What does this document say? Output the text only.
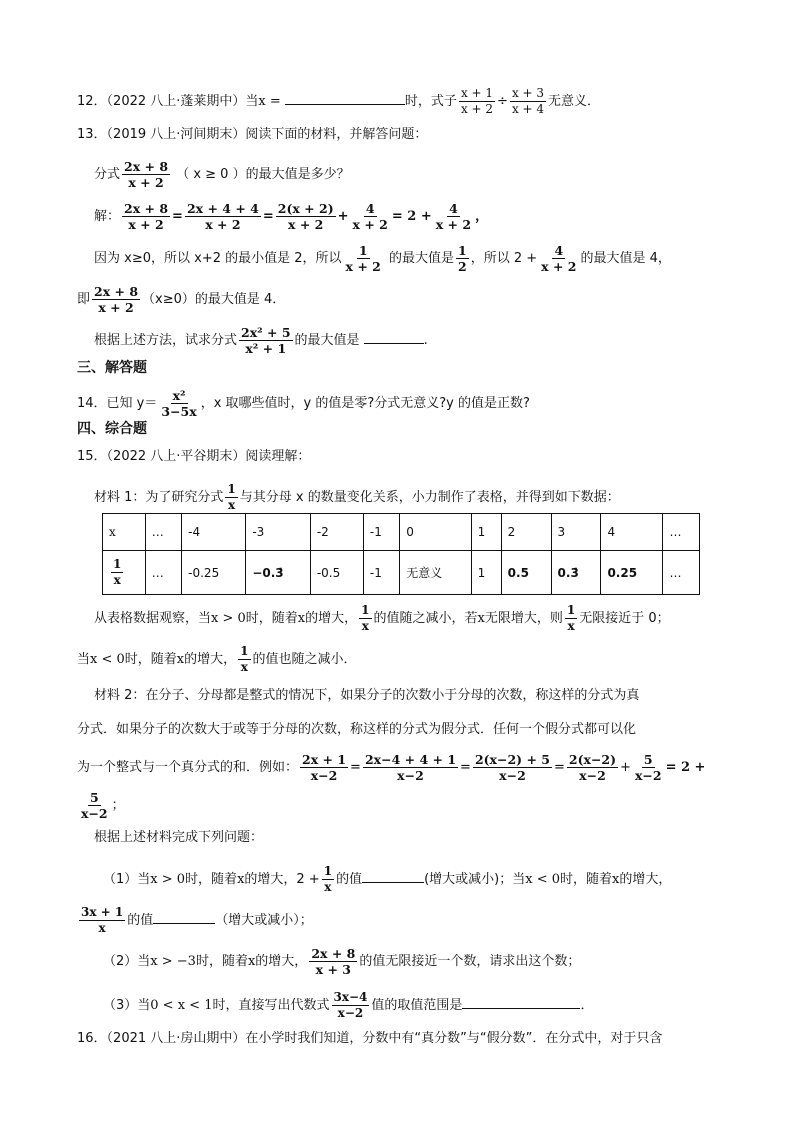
12．（2022 八上·蓬莱期中）当x =	时，式子 $\frac{x + 1}{x + 2} \div \frac{x + 3}{x + 4}$ 无意义．
13．（2019 八上·河间期末）阅读下面的材料，并解答问题：
分式 $\frac{2x + 8}{x + 2}$ （ x ≥ 0 ）的最大值是多少？
解： $\frac{2x + 8}{x + 2} = \frac{2x + 4 + 4}{x + 2} = \frac{2(x + 2)}{x + 2} + \frac{4}{x + 2} = 2 + \frac{4}{x + 2}$ ，
因为 x≥0，所以 x+2 的最小值是 2，所以 $\frac{1}{x + 2}$ 的最大值是 $\frac{1}{2}$ ，所以 $2 + \frac{4}{x + 2}$ 的最大值是 4，
即 $\frac{2x + 8}{x + 2} (x\ge 0)$的最大值是 4．
根据上述方法，试求分式 $\frac{\text{2x² + 5}}{\text{x² + 1}}$ 的最大值是	.
三、解答题
14．已知 $y= \frac{\text{x²}}{3-5x}$ ，x 取哪些值时，y 的值是零?分式无意义?y 的值是正数?
四、综合题
15．（2022 八上·平谷期末）阅读理解：
材料 1：为了研究分式 $\frac{1}{x}$ 与其分母 x 的数量变化关系，小力制作了表格，并得到如下数据：
x	…	-4	-3	-2	-1	0	1	2	3	4	…

$\frac{1}{x}$	…	-0.25	−0.3̇	-0.5	-1	无意义	1	0.5	0.3̇	0.25	…
从表格数据观察，当x > 0时，随着x的增大， $\frac{1}{x}$ 的值随之减小，若x无限增大，则 $\frac{1}{x}$ 无限接近于 0；
当x < 0时，随着x的增大， $\frac{1}{x}$ 的值也随之减小．
材料 2：在分子、分母都是整式的情况下，如果分子的次数小于分母的次数，称这样的分式为真
分式．如果分子的次数大于或等于分母的次数，称这样的分式为假分式．任何一个假分式都可以化
为一个整式与一个真分式的和．例如： $\frac{2x + 1}{x-2} = \frac{2x-4 + 4 + 1}{x-2} = \frac{2(x-2) + 5}{x-2} = \frac{2(x-2)}{x-2} + \frac{5}{x-2} = 2$ +
$\frac{5}{x-2}$ ；
根据上述材料完成下列问题：
（1）当x > 0时，随着x的增大，$2 + \frac{1}{x}$ 的值	(增大或减小)；当x < 0时，随着x的增大，
$\frac{3x + 1}{x}$ 的值	（增大或减小）；
（2）当x > −3时，随着x的增大， $\frac{2x + 8}{x + 3}$ 的值无限接近一个数，请求出这个数；
（3）当0 < x < 1时，直接写出代数式 $\frac{3x-4}{x-2}$ 值的取值范围是	．
16．（2021 八上·房山期中）在小学时我们知道，分数中有“真分数”与“假分数”．在分式中，对于只含
